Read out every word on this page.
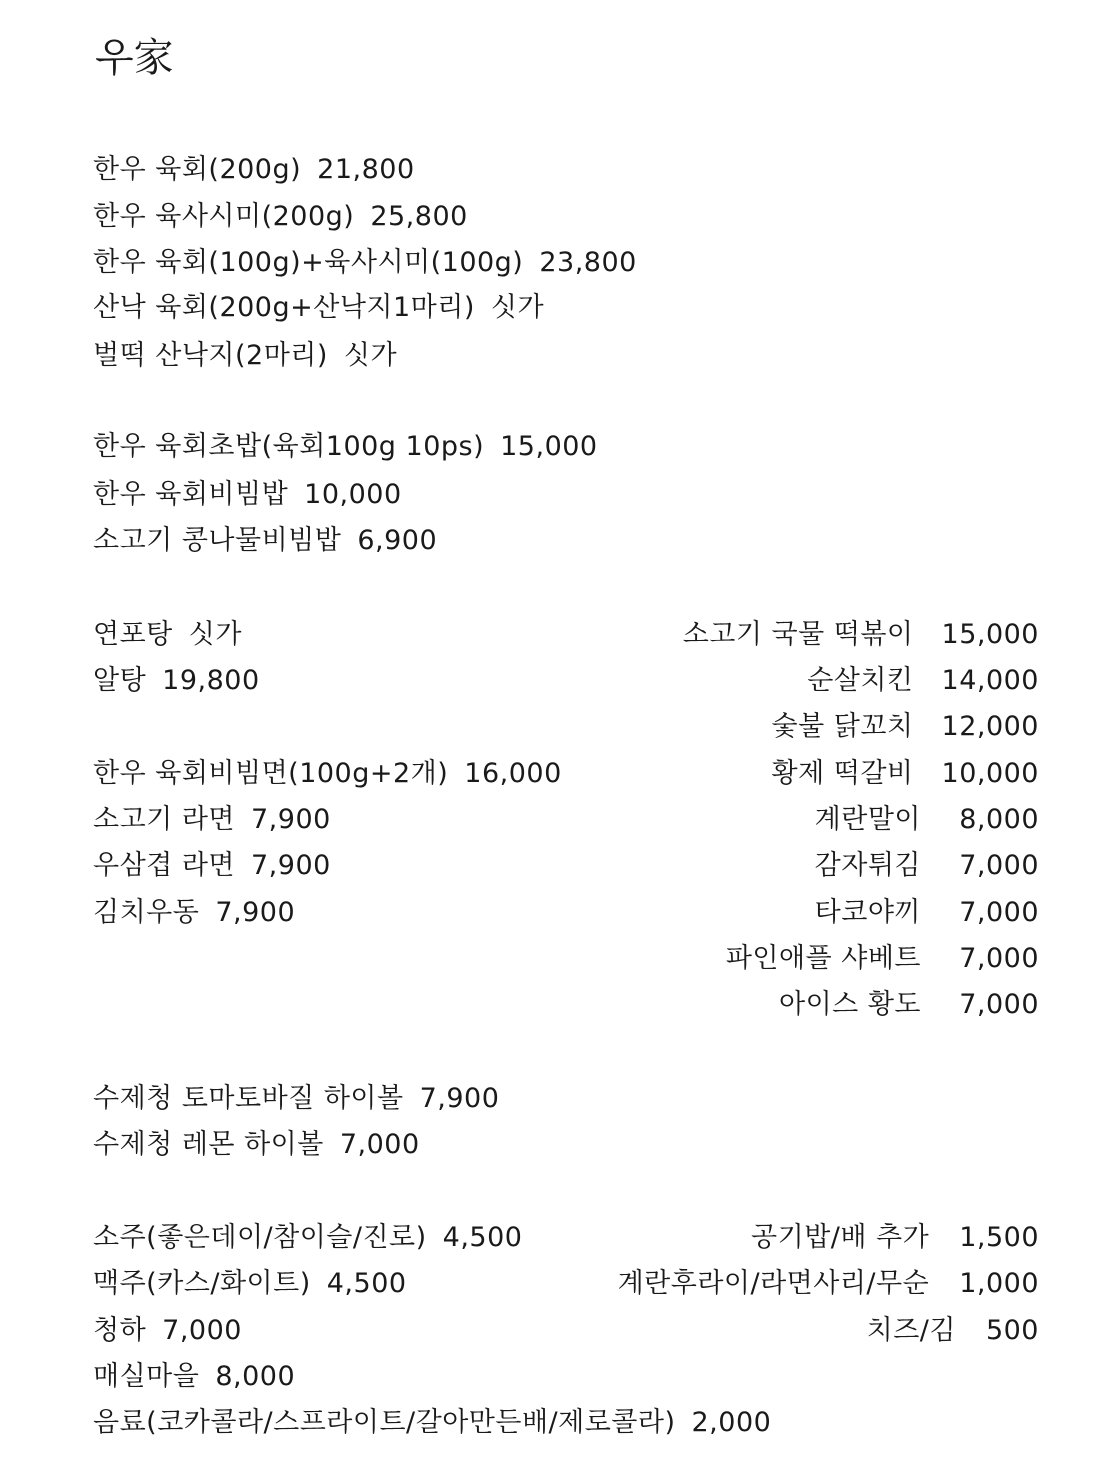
우家
한우 육회(200g) 21,800
한우 육사시미(200g) 25,800
한우 육회(100g)+육사시미(100g) 23,800
산낙 육회(200g+산낙지1마리) 싯가
벌떡 산낙지(2마리) 싯가
한우 육회초밥(육회100g 10ps) 15,000
한우 육회비빔밥 10,000
소고기 콩나물비빔밥 6,900
연포탕 싯가
알탕 19,800
한우 육회비빔면(100g+2개) 16,000
소고기 라면 7,900
우삼겹 라면 7,900
김치우동 7,900
소고기 국물 떡볶이 15,000
순살치킨 14,000
숯불 닭꼬치 12,000
황제 떡갈비 10,000
계란말이	8,000
감자튀김	7,000
타코야끼	7,000
파인애플 샤베트	7,000
아이스 황도	7,000
수제청 토마토바질 하이볼 7,900
수제청 레몬 하이볼 7,000
소주(좋은데이/참이슬/진로) 4,500
맥주(카스/화이트) 4,500
청하 7,000
매실마을 8,000
음료(코카콜라/스프라이트/갈아만든배/제로콜라) 2,000
공기밥/배 추가 1,500
계란후라이/라면사리/무순 1,000
치즈/김 500
